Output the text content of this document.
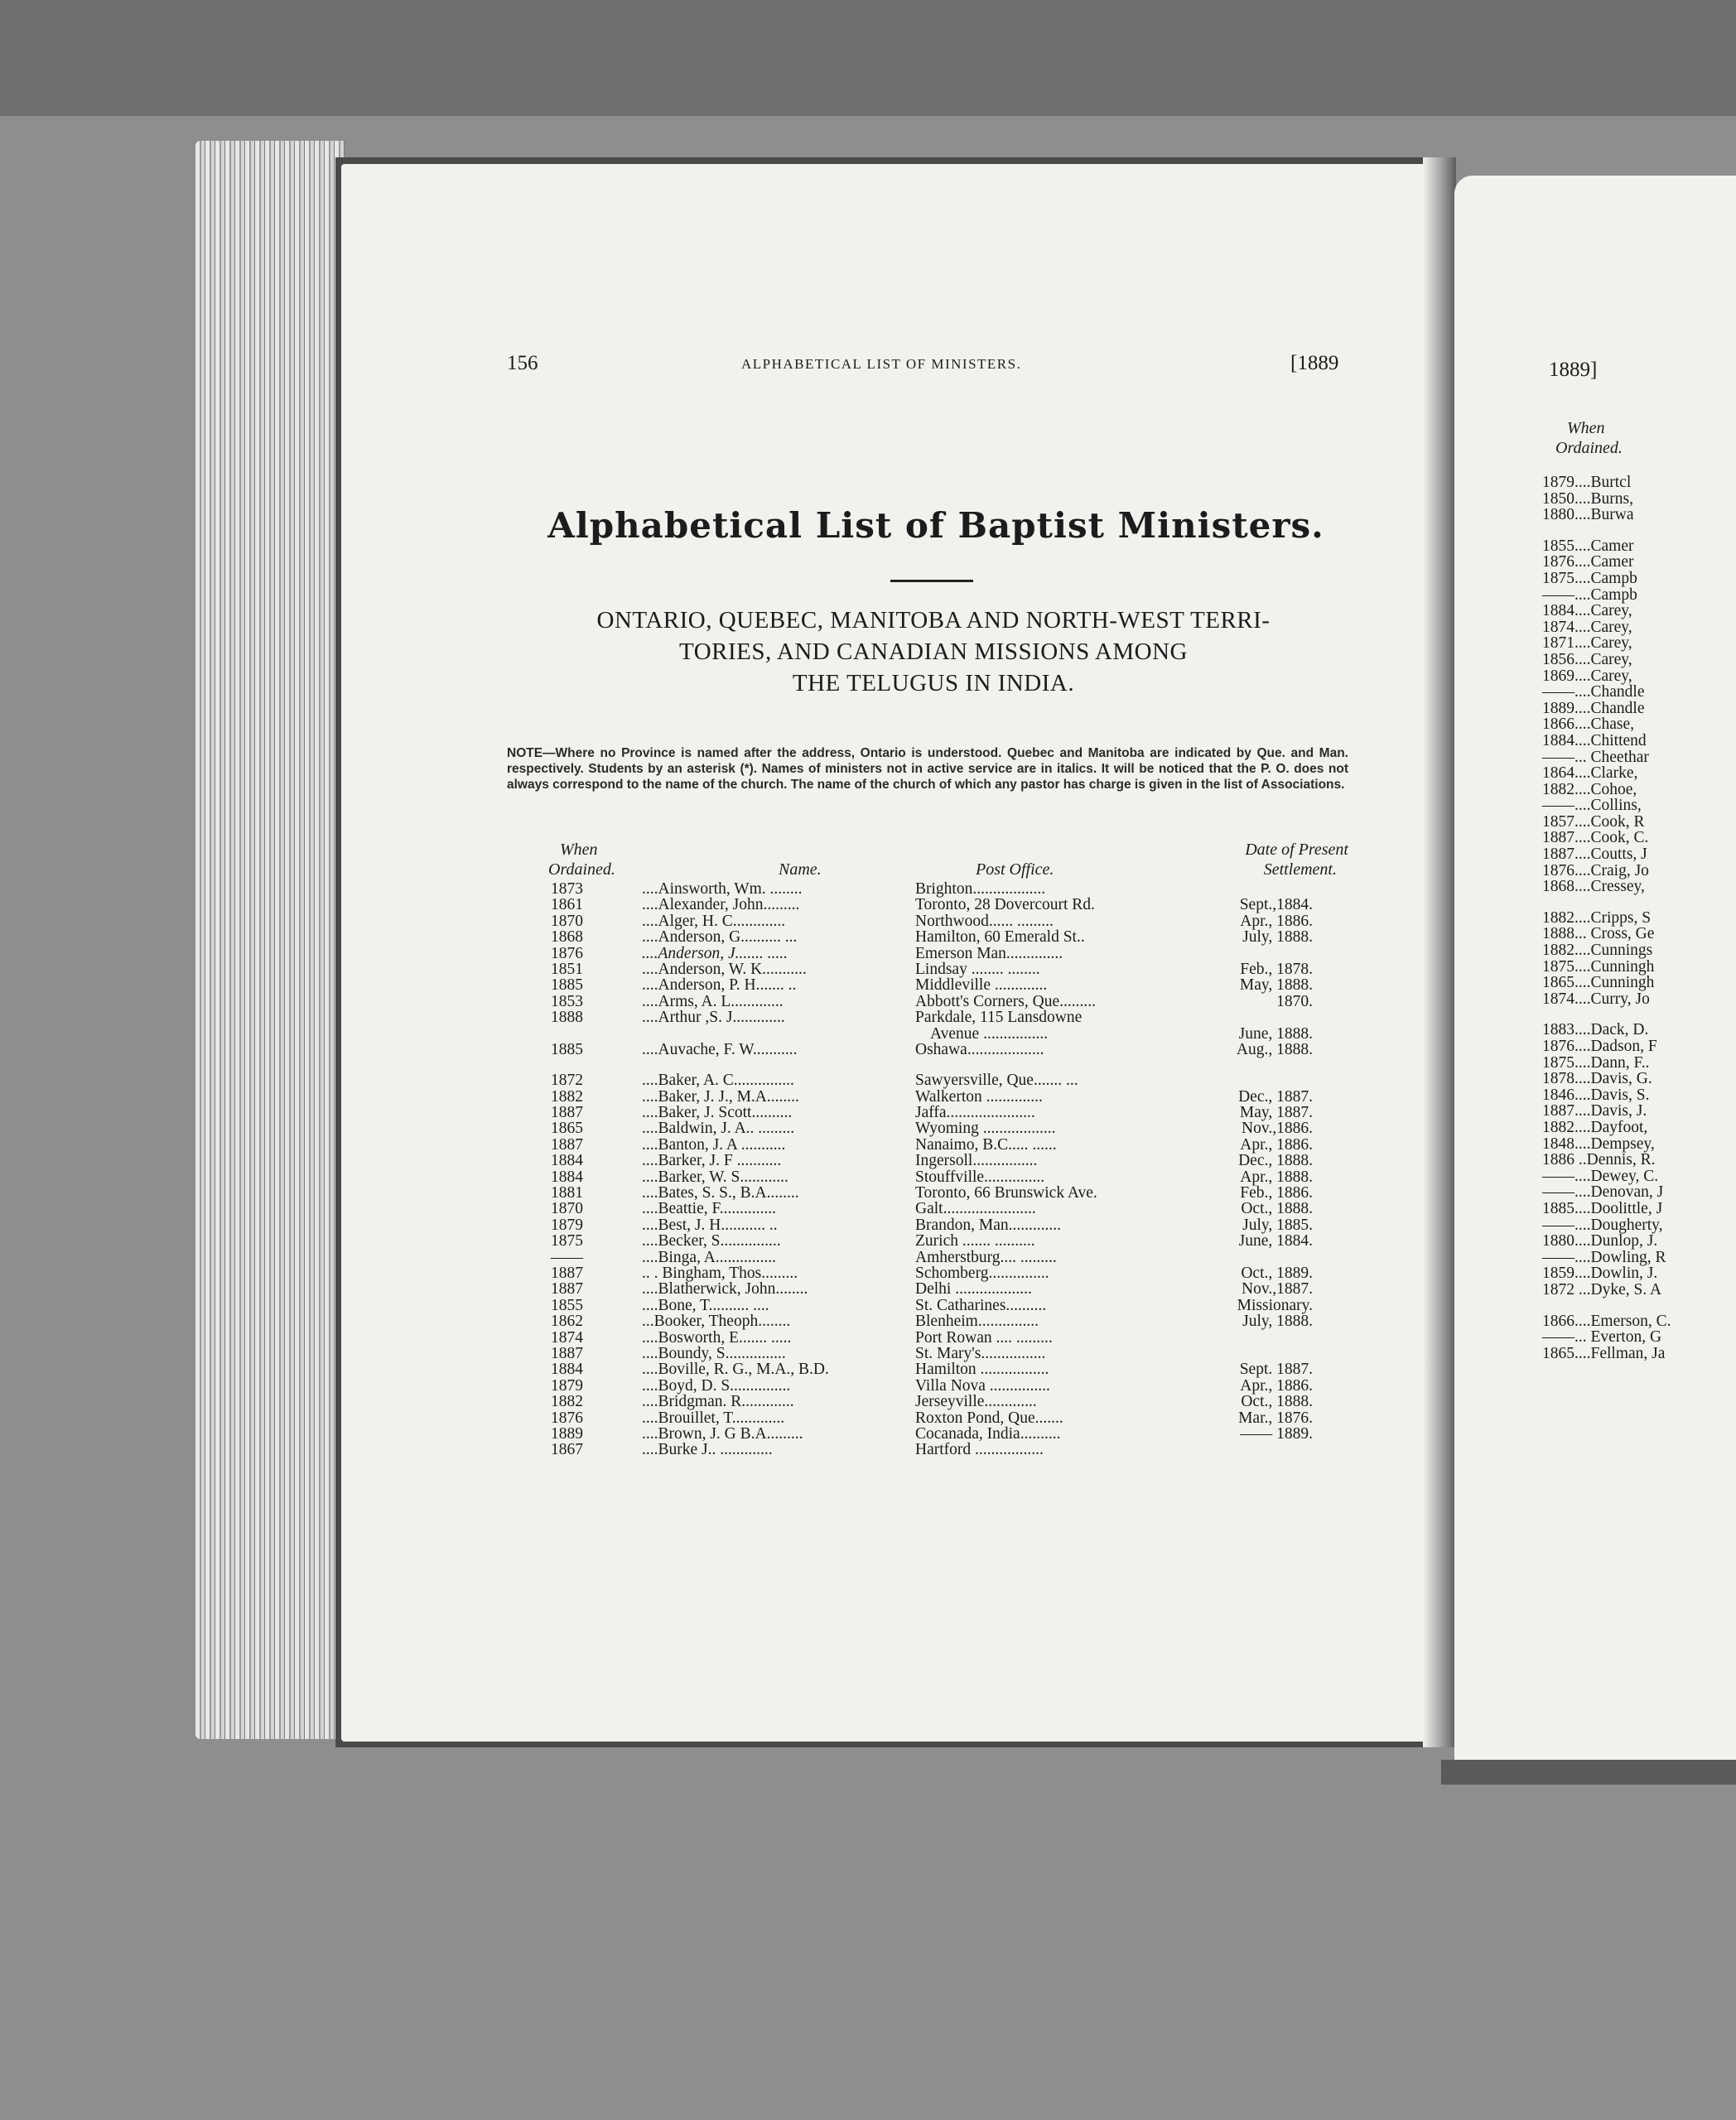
156	ALPHABETICAL LIST OF MINISTERS.	[1889
Alphabetical List of Baptist Ministers.
ONTARIO, QUEBEC, MANITOBA AND NORTH-WEST TERRI-
TORIES, AND CANADIAN MISSIONS AMONG
THE TELUGUS IN INDIA.
NOTE—Where no Province is named after the address, Ontario is understood. Quebec and Manitoba are indicated by Que. and Man. respectively. Students by an asterisk (*). Names of ministers not in active service are in italics. It will be noticed that the P. O. does not always correspond to the name of the church. The name of the church of which any pastor has charge is given in the list of Associations.
When
Ordained.	Name.	Post Office.
Date of Present
Settlement.
1873	....Ainsworth, Wm. ........	Brighton..................
1861	....Alexander, John.........	Toronto, 28 Dovercourt Rd.	Sept.,1884.
1870	....Alger, H. C.............	Northwood...... .........	Apr., 1886.
1868	....Anderson, G.......... ...	Hamilton, 60 Emerald St..	July, 1888.
1876	....Anderson, J....... .....	Emerson Man..............
1851	....Anderson, W. K...........	Lindsay ........ ........	Feb., 1878.
1885	....Anderson, P. H....... ..	Middleville .............	May, 1888.
1853	....Arms, A. L.............	Abbott's Corners, Que.........	1870.
1888	....Arthur ,S. J.............	Parkdale, 115 Lansdowne
Avenue ................	June, 1888.
1885	....Auvache, F. W...........	Oshawa...................	Aug., 1888.
1872	....Baker, A. C...............	Sawyersville, Que....... ...
1882	....Baker, J. J., M.A........	Walkerton ..............	Dec., 1887.
1887	....Baker, J. Scott..........	Jaffa......................	May, 1887.
1865	....Baldwin, J. A.. .........	Wyoming ..................	Nov.,1886.
1887	....Banton, J. A ...........	Nanaimo, B.C..... ......	Apr., 1886.
1884	....Barker, J. F ...........	Ingersoll................	Dec., 1888.
1884	....Barker, W. S............	Stouffville...............	Apr., 1888.
1881	....Bates, S. S., B.A........	Toronto, 66 Brunswick Ave.	Feb., 1886.
1870	....Beattie, F..............	Galt.......................	Oct., 1888.
1879	....Best, J. H........... ..	Brandon, Man.............	July, 1885.
1875	....Becker, S...............	Zurich ....... ..........	June, 1884.
——	....Binga, A...............	Amherstburg.... .........
1887	.. . Bingham, Thos.........	Schomberg...............	Oct., 1889.
1887	....Blatherwick, John........	Delhi ...................	Nov.,1887.
1855	....Bone, T.......... ....	St. Catharines..........	Missionary.
1862	...Booker, Theoph........	Blenheim...............	July, 1888.
1874	....Bosworth, E....... .....	Port Rowan .... .........
1887	....Boundy, S...............	St. Mary's................
1884	....Boville, R. G., M.A., B.D.	Hamilton .................	Sept. 1887.
1879	....Boyd, D. S...............	Villa Nova ...............	Apr., 1886.
1882	....Bridgman. R.............	Jerseyville.............	Oct., 1888.
1876	....Brouillet, T.............	Roxton Pond, Que.......	Mar., 1876.
1889	....Brown, J. G B.A.........	Cocanada, India..........	—— 1889.
1867	....Burke J.. .............	Hartford .................
1889]
When
Ordained.
1879....Burtcl
1850....Burns,
1880....Burwa
1855....Camer
1876....Camer
1875....Campb
——....Campb
1884....Carey,
1874....Carey,
1871....Carey,
1856....Carey,
1869....Carey,
——....Chandle
1889....Chandle
1866....Chase,
1884....Chittend
——... Cheethar
1864....Clarke,
1882....Cohoe,
——....Collins,
1857....Cook, R
1887....Cook, C.
1887....Coutts, J
1876....Craig, Jo
1868....Cressey,
1882....Cripps, S
1888... Cross, Ge
1882....Cunnings
1875....Cunningh
1865....Cunningh
1874....Curry, Jo
1883....Dack, D.
1876....Dadson, F
1875....Dann, F..
1878....Davis, G.
1846....Davis, S.
1887....Davis, J.
1882....Dayfoot,
1848....Dempsey,
1886 ..Dennis, R.
——....Dewey, C.
——....Denovan, J
1885....Doolittle, J
——....Dougherty,
1880....Dunlop, J.
——....Dowling, R
1859....Dowlin, J.
1872 ...Dyke, S. A
1866....Emerson, C.
——... Everton, G
1865....Fellman, Ja
